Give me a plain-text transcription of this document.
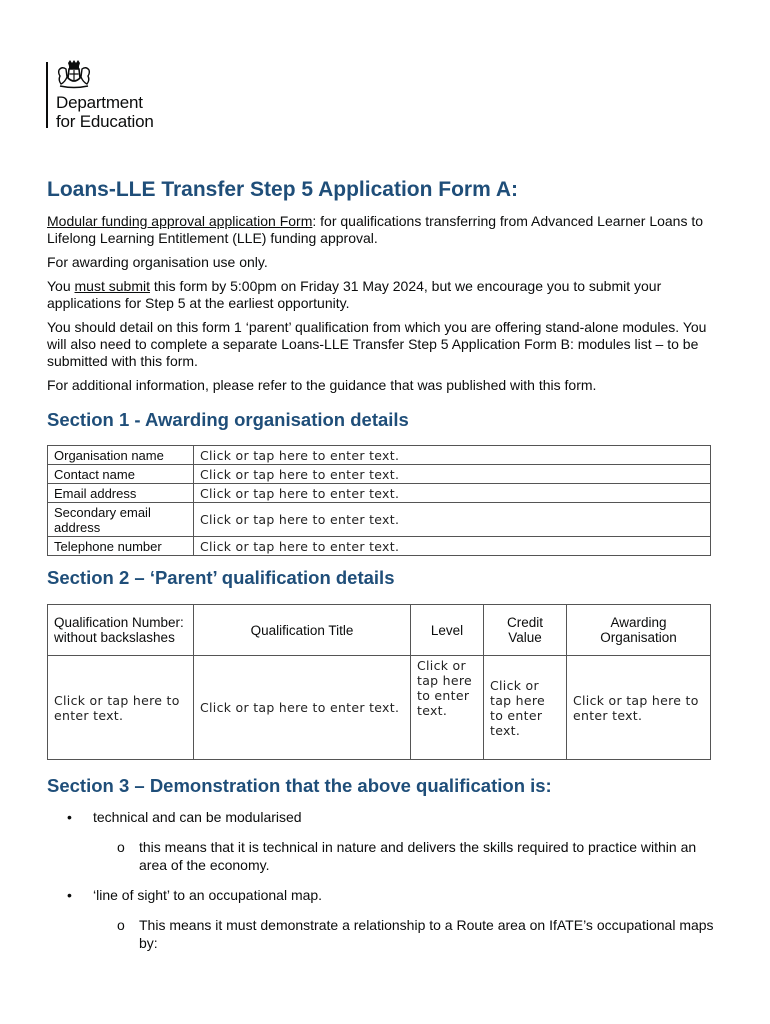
Department
for Education
Loans-LLE Transfer Step 5 Application Form A:

Modular funding approval application Form: for qualifications transferring from Advanced Learner Loans to Lifelong Learning Entitlement (LLE) funding approval.

For awarding organisation use only.

You must submit this form by 5:00pm on Friday 31 May 2024, but we encourage you to submit your applications for Step 5 at the earliest opportunity.

You should detail on this form 1 ‘parent’ qualification from which you are offering stand-alone modules. You will also need to complete a separate Loans-LLE Transfer Step 5 Application Form B: modules list – to be submitted with this form.

For additional information, please refer to the guidance that was published with this form.

Section 1 - Awarding organisation details
Organisation name	Click or tap here to enter text.
Contact name	Click or tap here to enter text.
Email address	Click or tap here to enter text.
Secondary email address	Click or tap here to enter text.
Telephone number	Click or tap here to enter text.
Section 2 – ‘Parent’ qualification details
Qualification Number: without backslashes	Qualification Title	Level	Credit Value	Awarding Organisation
Click or tap here to enter text.	Click or tap here to enter text.	Click or tap here to enter text.	Click or tap here to enter text.	Click or tap here to enter text.
Section 3 – Demonstration that the above qualification is:
• technical and can be modularised
o this means that it is technical in nature and delivers the skills required to practice within an area of the economy.
• ‘line of sight’ to an occupational map.
o This means it must demonstrate a relationship to a Route area on IfATE’s occupational maps by:
